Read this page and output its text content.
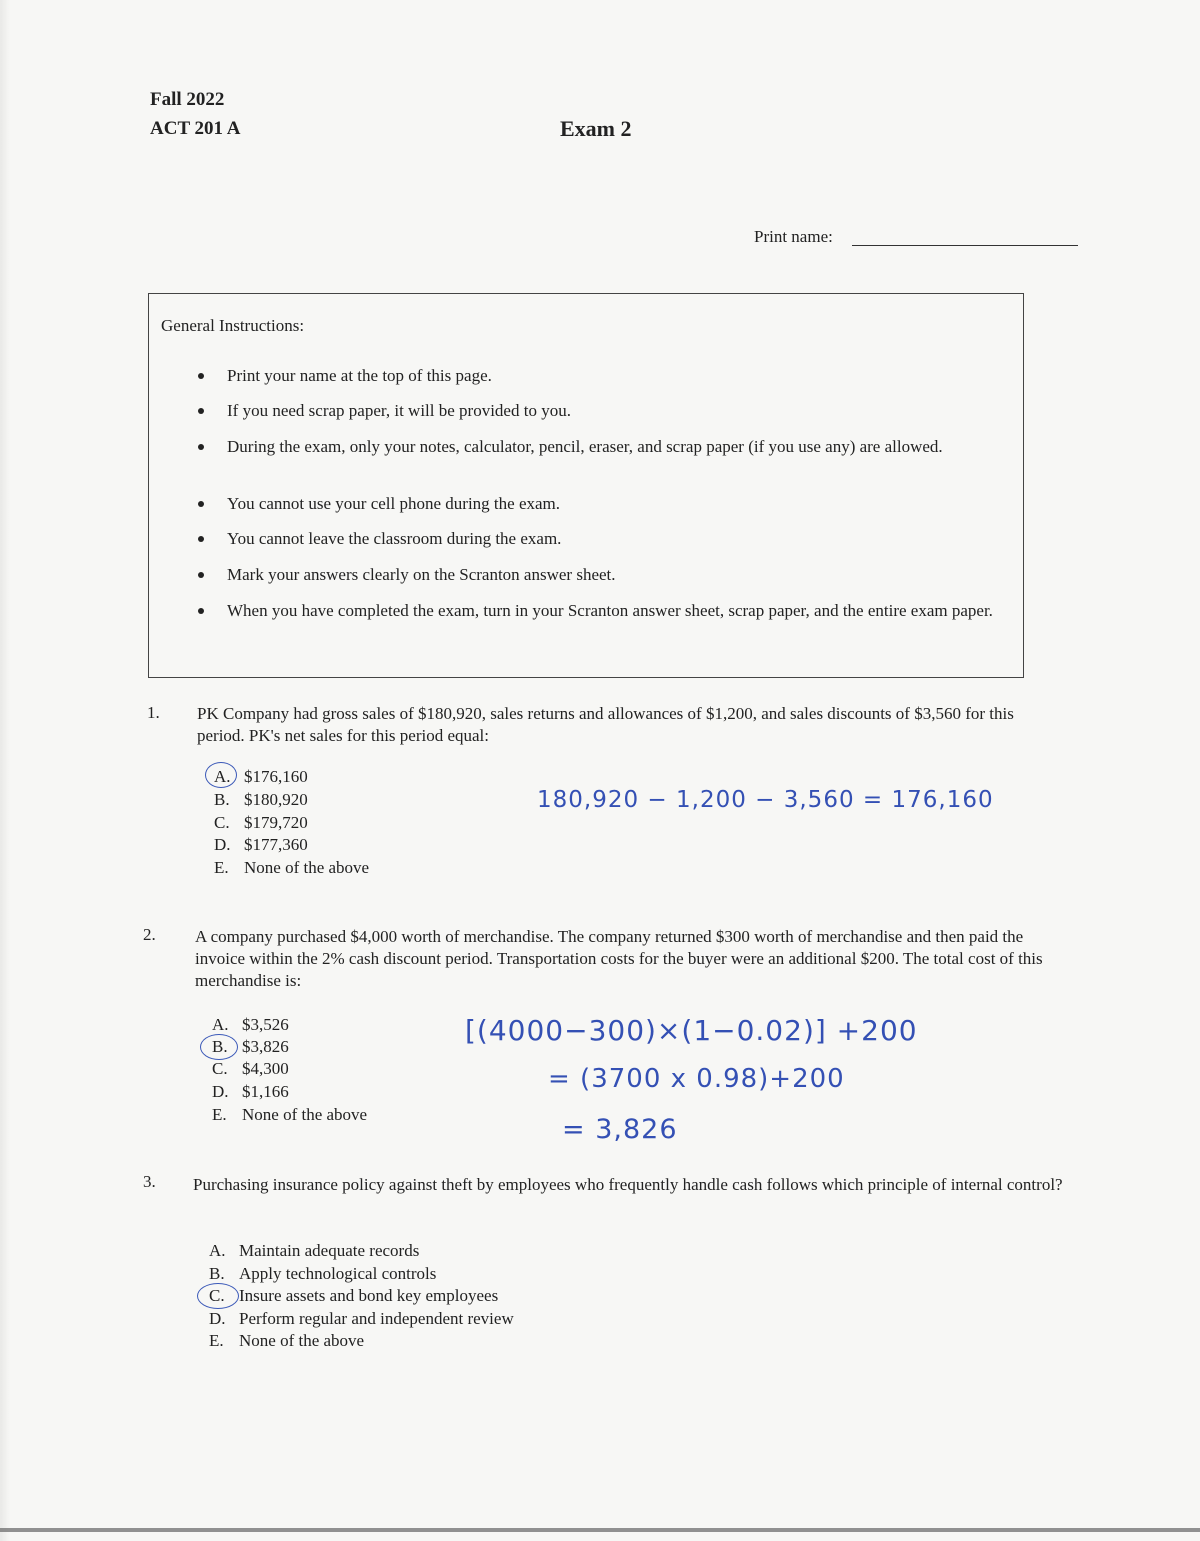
Fall 2022
ACT 201 A	Exam 2
Print name:
General Instructions:
Print your name at the top of this page.
If you need scrap paper, it will be provided to you.
During the exam, only your notes, calculator, pencil, eraser, and scrap paper (if you use any) are allowed.
You cannot use your cell phone during the exam.
You cannot leave the classroom during the exam.
Mark your answers clearly on the Scranton answer sheet.
When you have completed the exam, turn in your Scranton answer sheet, scrap paper, and the entire exam paper.
1. PK Company had gross sales of $180,920, sales returns and allowances of $1,200, and sales discounts of $3,560 for this period. PK's net sales for this period equal:
A. $176,160
B. $180,920
C. $179,720
D. $177,360
E. None of the above
180,920 − 1,200 − 3,560 = 176,160
2. A company purchased $4,000 worth of merchandise. The company returned $300 worth of merchandise and then paid the invoice within the 2% cash discount period. Transportation costs for the buyer were an additional $200. The total cost of this merchandise is:
A. $3,526
B. $3,826
C. $4,300
D. $1,166
E. None of the above
[(4000−300)×(1−0.02)] +200
= (3700 x 0.98)+200
= 3,826
3. Purchasing insurance policy against theft by employees who frequently handle cash follows which principle of internal control?
A. Maintain adequate records
B. Apply technological controls
C. Insure assets and bond key employees
D. Perform regular and independent review
E. None of the above
